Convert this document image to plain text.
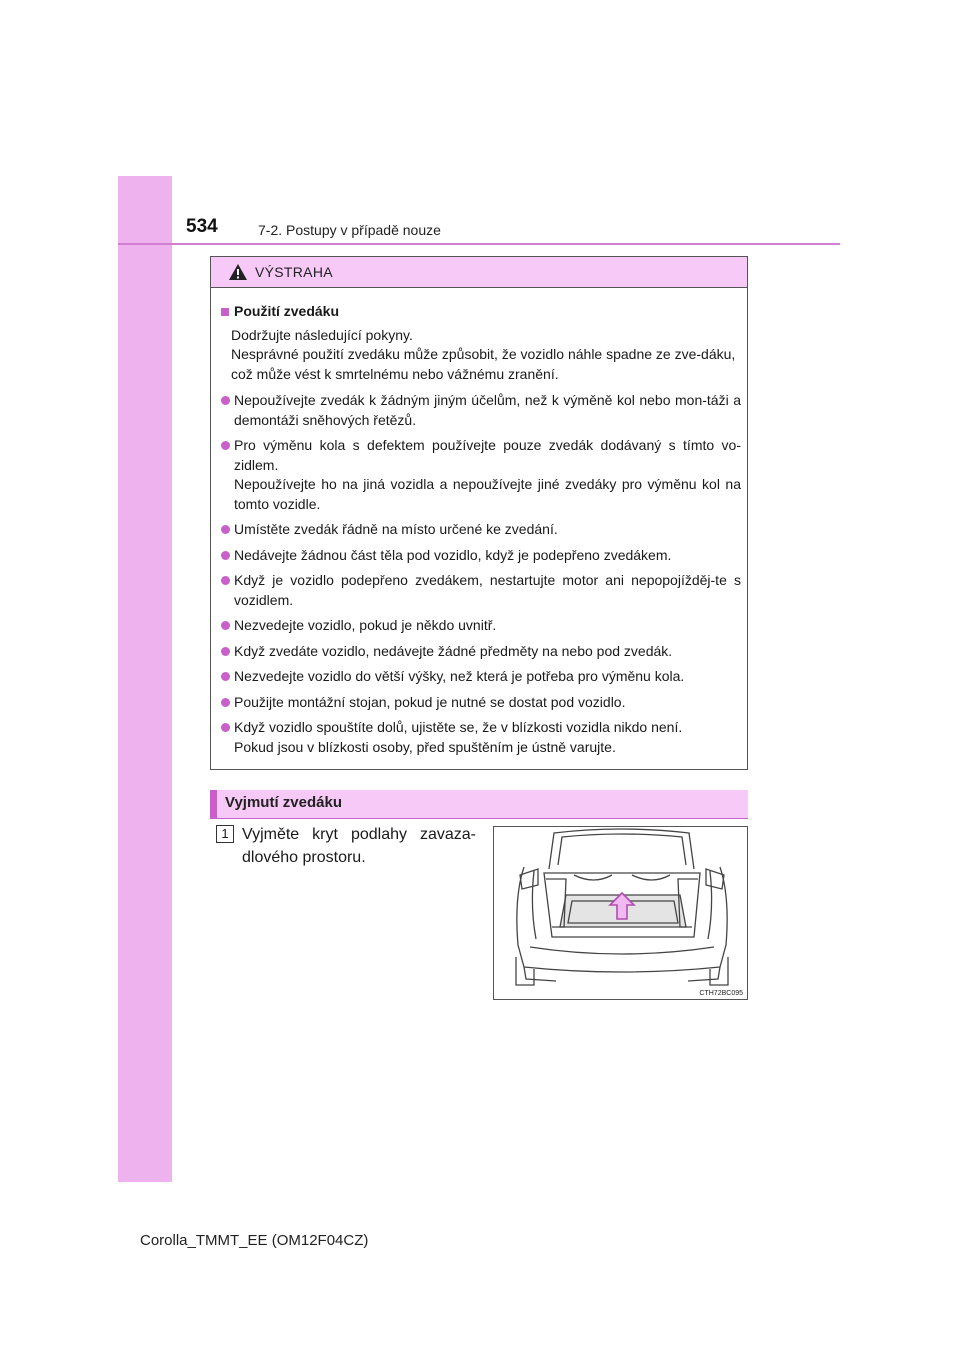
534	7-2. Postupy v případě nouze
VÝSTRAHA
Použití zvedáku
Dodržujte následující pokyny.
Nesprávné použití zvedáku může způsobit, že vozidlo náhle spadne ze zve-dáku, což může vést k smrtelnému nebo vážnému zranění.
Nepoužívejte zvedák k žádným jiným účelům, než k výměně kol nebo mon-táži a demontáži sněhových řetězů.
Pro výměnu kola s defektem používejte pouze zvedák dodávaný s tímto vo-zidlem.
Nepoužívejte ho na jiná vozidla a nepoužívejte jiné zvedáky pro výměnu kol na tomto vozidle.
Umístěte zvedák řádně na místo určené ke zvedání.
Nedávejte žádnou část těla pod vozidlo, když je podepřeno zvedákem.
Když je vozidlo podepřeno zvedákem, nestartujte motor ani nepopojížděj-te s vozidlem.
Nezvedejte vozidlo, pokud je někdo uvnitř.
Když zvedáte vozidlo, nedávejte žádné předměty na nebo pod zvedák.
Nezvedejte vozidlo do větší výšky, než která je potřeba pro výměnu kola.
Použijte montážní stojan, pokud je nutné se dostat pod vozidlo.
Když vozidlo spouštíte dolů, ujistěte se, že v blízkosti vozidla nikdo není.
Pokud jsou v blízkosti osoby, před spuštěním je ústně varujte.
Vyjmutí zvedáku
1 Vyjměte kryt podlahy zavaza-dlového prostoru.
CTH72BC095
Corolla_TMMT_EE (OM12F04CZ)
